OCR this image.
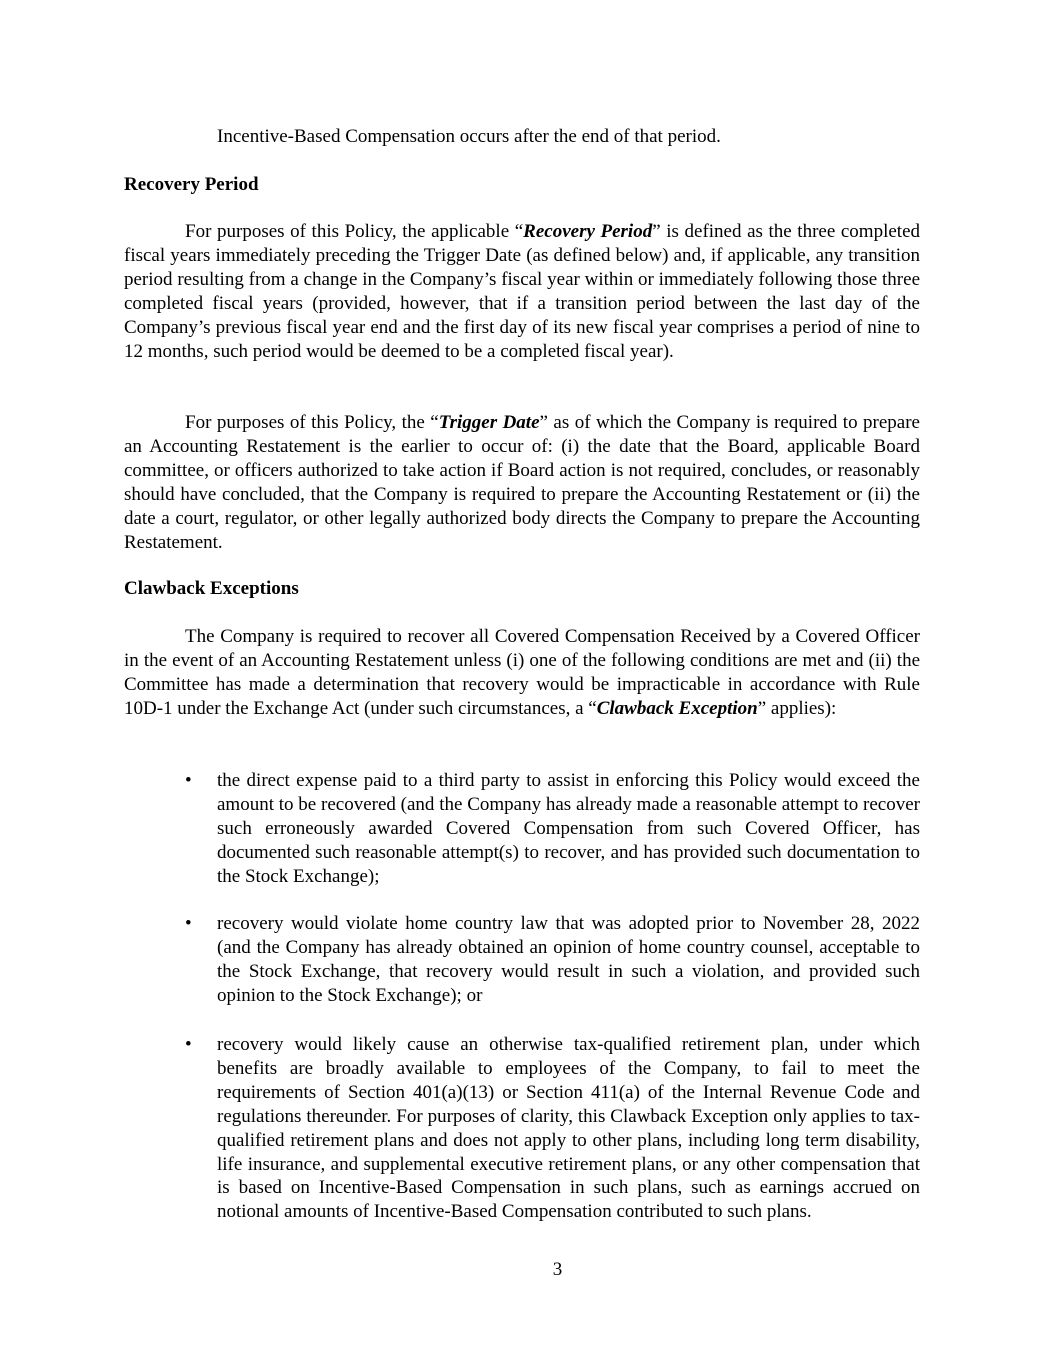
Incentive-Based Compensation occurs after the end of that period.

Recovery Period

For purposes of this Policy, the applicable “Recovery Period” is defined as the three completed fiscal years immediately preceding the Trigger Date (as defined below) and, if applicable, any transition period resulting from a change in the Company’s fiscal year within or immediately following those three completed fiscal years (provided, however, that if a transition period between the last day of the Company’s previous fiscal year end and the first day of its new fiscal year comprises a period of nine to 12 months, such period would be deemed to be a completed fiscal year).

For purposes of this Policy, the “Trigger Date” as of which the Company is required to prepare an Accounting Restatement is the earlier to occur of: (i) the date that the Board, applicable Board committee, or officers authorized to take action if Board action is not required, concludes, or reasonably should have concluded, that the Company is required to prepare the Accounting Restatement or (ii) the date a court, regulator, or other legally authorized body directs the Company to prepare the Accounting Restatement.

Clawback Exceptions

The Company is required to recover all Covered Compensation Received by a Covered Officer in the event of an Accounting Restatement unless (i) one of the following conditions are met and (ii) the Committee has made a determination that recovery would be impracticable in accordance with Rule 10D-1 under the Exchange Act (under such circumstances, a “Clawback Exception” applies):

•	the direct expense paid to a third party to assist in enforcing this Policy would exceed the amount to be recovered (and the Company has already made a reasonable attempt to recover such erroneously awarded Covered Compensation from such Covered Officer, has documented such reasonable attempt(s) to recover, and has provided such documentation to the Stock Exchange);
•	recovery would violate home country law that was adopted prior to November 28, 2022 (and the Company has already obtained an opinion of home country counsel, acceptable to the Stock Exchange, that recovery would result in such a violation, and provided such opinion to the Stock Exchange); or
•	recovery would likely cause an otherwise tax-qualified retirement plan, under which benefits are broadly available to employees of the Company, to fail to meet the requirements of Section 401(a)(13) or Section 411(a) of the Internal Revenue Code and regulations thereunder. For purposes of clarity, this Clawback Exception only applies to tax-qualified retirement plans and does not apply to other plans, including long term disability, life insurance, and supplemental executive retirement plans, or any other compensation that is based on Incentive-Based Compensation in such plans, such as earnings accrued on notional amounts of Incentive-Based Compensation contributed to such plans.
3
